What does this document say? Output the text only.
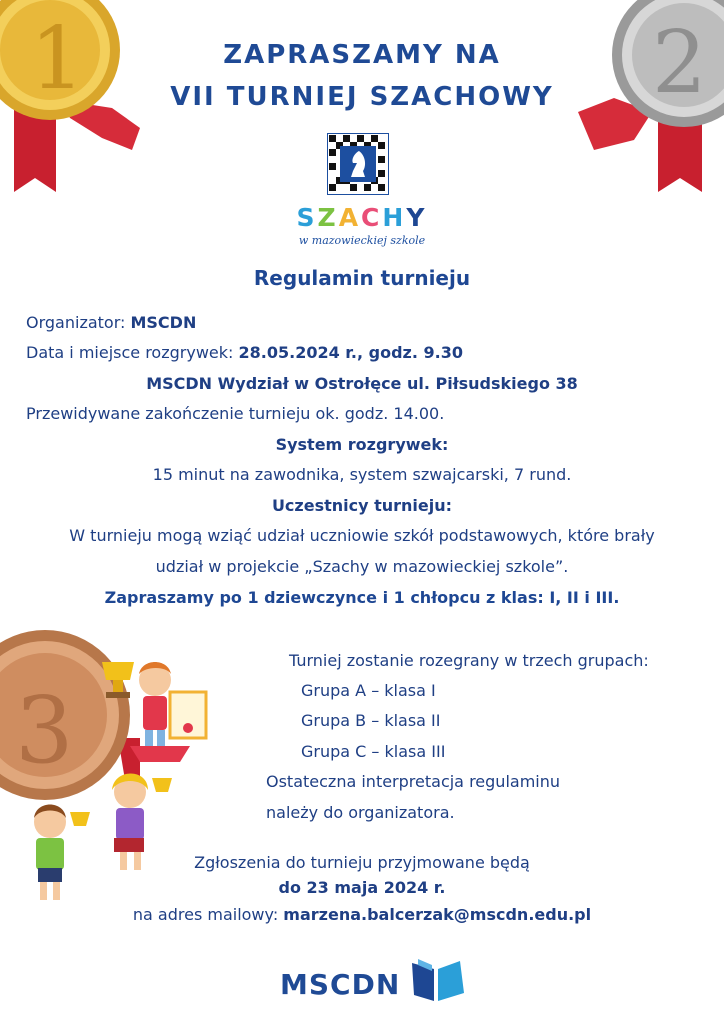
1	2
ZAPRASZAMY NA
VII TURNIEJ SZACHOWY
SZACHY
w mazowieckiej szkole
Regulamin turnieju
Organizator: MSCDN
Data i miejsce rozgrywek: 28.05.2024 r., godz. 9.30
MSCDN Wydział w Ostrołęce ul. Piłsudskiego 38
Przewidywane zakończenie turnieju ok. godz. 14.00.
System rozgrywek:
15 minut na zawodnika, system szwajcarski, 7 rund.
Uczestnicy turnieju:
W turnieju mogą wziąć udział uczniowie szkół podstawowych, które brały
udział w projekcie „Szachy w mazowieckiej szkole”.
Zapraszamy po 1 dziewczynce i 1 chłopcu z klas: I, II i III.
3
Turniej zostanie rozegrany w trzech grupach:
Grupa A – klasa I
Grupa B – klasa II
Grupa C – klasa III
Ostateczna interpretacja regulaminu
należy do organizatora.
Zgłoszenia do turnieju przyjmowane będą
do 23 maja 2024 r.
na adres mailowy: marzena.balcerzak@mscdn.edu.pl
MSCDN
